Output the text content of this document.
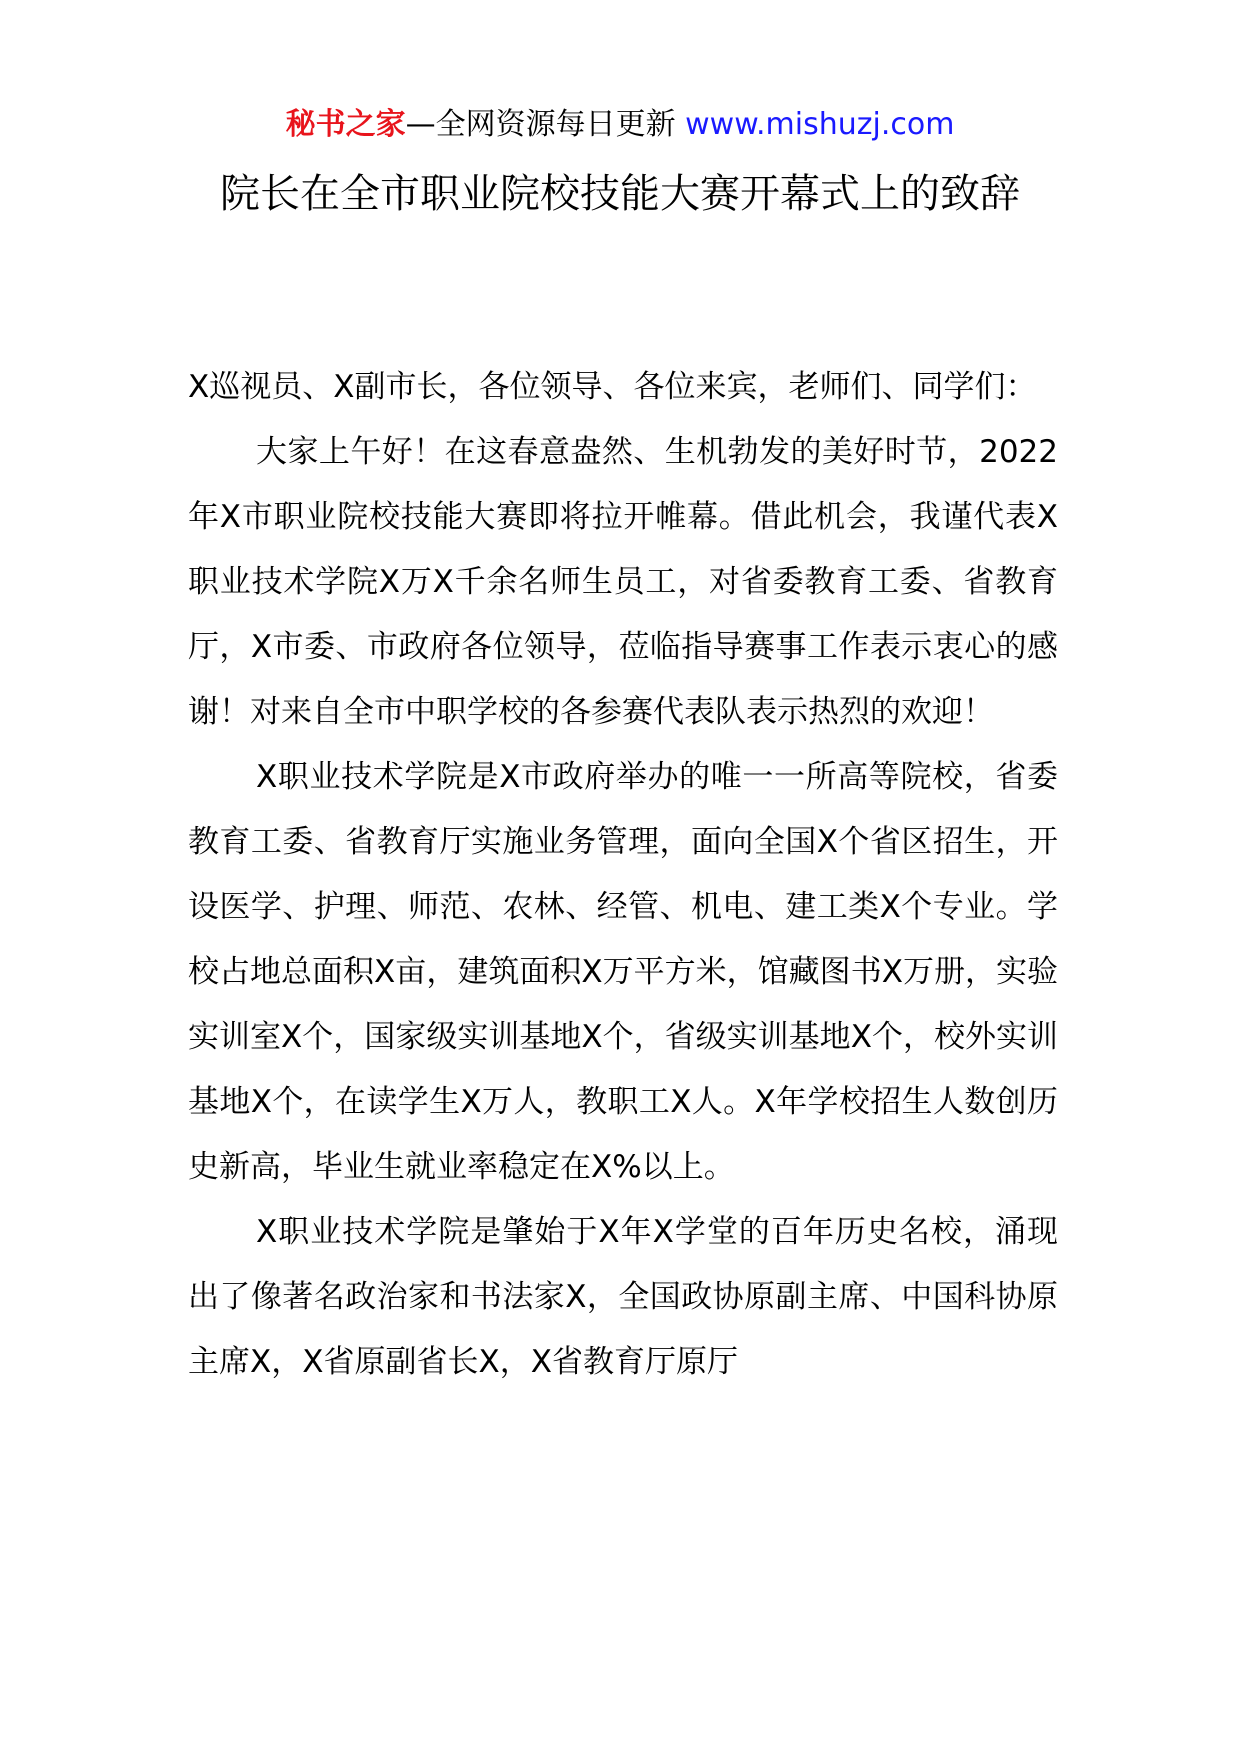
秘书之家—全网资源每日更新 www.mishuzj.com
院长在全市职业院校技能大赛开幕式上的致辞

X巡视员、X副市长，各位领导、各位来宾，老师们、同学们：

大家上午好！在这春意盎然、生机勃发的美好时节，2022年X市职业院校技能大赛即将拉开帷幕。借此机会，我谨代表X职业技术学院X万X千余名师生员工，对省委教育工委、省教育厅，X市委、市政府各位领导，莅临指导赛事工作表示衷心的感谢！对来自全市中职学校的各参赛代表队表示热烈的欢迎！

X职业技术学院是X市政府举办的唯一一所高等院校，省委教育工委、省教育厅实施业务管理，面向全国X个省区招生，开设医学、护理、师范、农林、经管、机电、建工类X个专业。学校占地总面积X亩，建筑面积X万平方米，馆藏图书X万册，实验实训室X个，国家级实训基地X个，省级实训基地X个，校外实训基地X个，在读学生X万人，教职工X人。X年学校招生人数创历史新高，毕业生就业率稳定在X%以上。

X职业技术学院是肇始于X年X学堂的百年历史名校，涌现出了像著名政治家和书法家X，全国政协原副主席、中国科协原主席X，X省原副省长X，X省教育厅原厅
